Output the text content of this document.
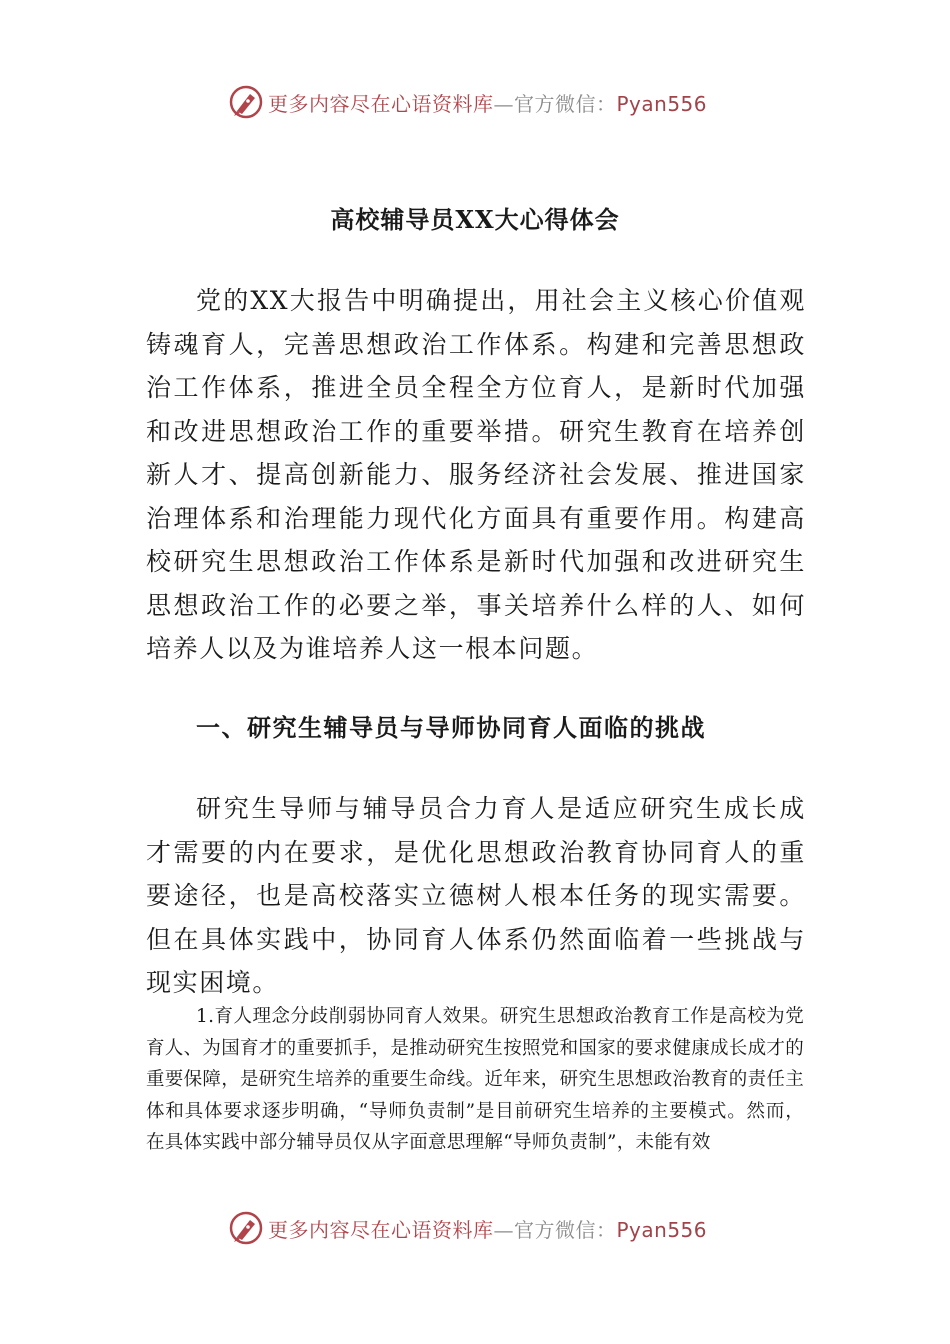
更多内容尽在心语资料库—官方微信：Pyan556
高校辅导员XX大心得体会

党的XX大报告中明确提出，用社会主义核心价值观铸魂育人，完善思想政治工作体系。构建和完善思想政治工作体系，推进全员全程全方位育人，是新时代加强和改进思想政治工作的重要举措。研究生教育在培养创新人才、提高创新能力、服务经济社会发展、推进国家治理体系和治理能力现代化方面具有重要作用。构建高校研究生思想政治工作体系是新时代加强和改进研究生思想政治工作的必要之举，事关培养什么样的人、如何培养人以及为谁培养人这一根本问题。

一、研究生辅导员与导师协同育人面临的挑战

研究生导师与辅导员合力育人是适应研究生成长成才需要的内在要求，是优化思想政治教育协同育人的重要途径，也是高校落实立德树人根本任务的现实需要。但在具体实践中，协同育人体系仍然面临着一些挑战与现实困境。

1.育人理念分歧削弱协同育人效果。研究生思想政治教育工作是高校为党育人、为国育才的重要抓手，是推动研究生按照党和国家的要求健康成长成才的重要保障，是研究生培养的重要生命线。近年来，研究生思想政治教育的责任主体和具体要求逐步明确，“导师负责制”是目前研究生培养的主要模式。然而，在具体实践中部分辅导员仅从字面意思理解“导师负责制”，未能有效

更多内容尽在心语资料库—官方微信：Pyan556
